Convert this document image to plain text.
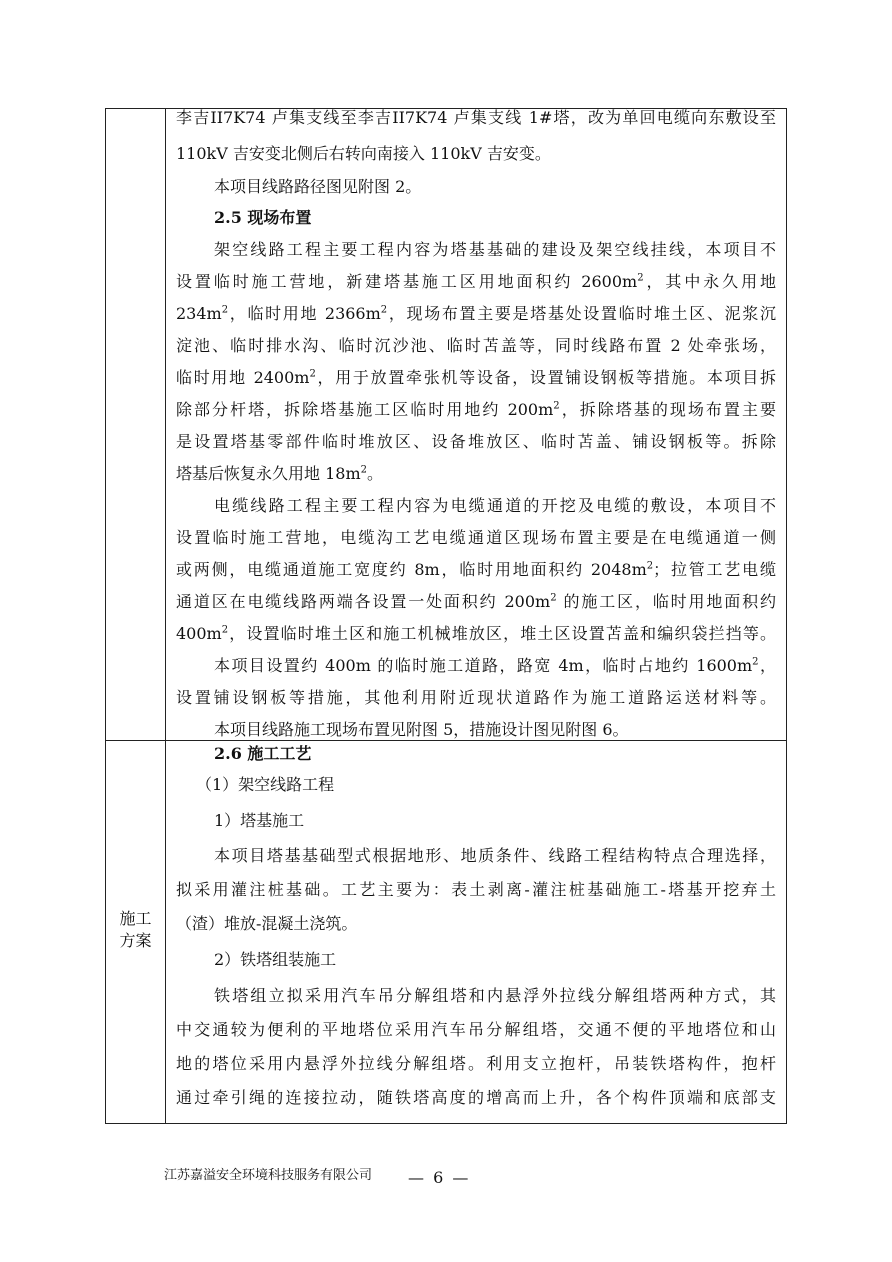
李吉II7K74 卢集支线至李吉II7K74 卢集支线 1#塔，改为单回电缆向东敷设至
110kV 吉安变北侧后右转向南接入 110kV 吉安变。
本项目线路路径图见附图 2。
2.5 现场布置
架空线路工程主要工程内容为塔基基础的建设及架空线挂线，本项目不
设置临时施工营地，新建塔基施工区用地面积约 $2600m^2$，其中永久用地
$234m^2$，临时用地 $2366m^2$，现场布置主要是塔基处设置临时堆土区、泥浆沉
淀池、临时排水沟、临时沉沙池、临时苫盖等，同时线路布置 2 处牵张场，
临时用地 $2400m^2$，用于放置牵张机等设备，设置铺设钢板等措施。本项目拆
除部分杆塔，拆除塔基施工区临时用地约 $200m^2$，拆除塔基的现场布置主要
是设置塔基零部件临时堆放区、设备堆放区、临时苫盖、铺设钢板等。拆除
塔基后恢复永久用地 $18m^2$。
电缆线路工程主要工程内容为电缆通道的开挖及电缆的敷设，本项目不
设置临时施工营地，电缆沟工艺电缆通道区现场布置主要是在电缆通道一侧
或两侧，电缆通道施工宽度约 8m，临时用地面积约 $2048m^2$；拉管工艺电缆
通道区在电缆线路两端各设置一处面积约 $200m^2$ 的施工区，临时用地面积约
$400m^2$，设置临时堆土区和施工机械堆放区，堆土区设置苫盖和编织袋拦挡等。
本项目设置约 400m 的临时施工道路，路宽 4m，临时占地约 $1600m^2$，
设置铺设钢板等措施，其他利用附近现状道路作为施工道路运送材料等。
本项目线路施工现场布置见附图 5，措施设计图见附图 6。
施工
方案
2.6 施工工艺
（1）架空线路工程
1）塔基施工
本项目塔基基础型式根据地形、地质条件、线路工程结构特点合理选择，
拟采用灌注桩基础。工艺主要为：表土剥离-灌注桩基础施工-塔基开挖弃土
（渣）堆放-混凝土浇筑。
2）铁塔组装施工
铁塔组立拟采用汽车吊分解组塔和内悬浮外拉线分解组塔两种方式，其
中交通较为便利的平地塔位采用汽车吊分解组塔，交通不便的平地塔位和山
地的塔位采用内悬浮外拉线分解组塔。利用支立抱杆，吊装铁塔构件，抱杆
通过牵引绳的连接拉动，随铁塔高度的增高而上升，各个构件顶端和底部支
江苏嘉溢安全环境科技服务有限公司 — 6 —
